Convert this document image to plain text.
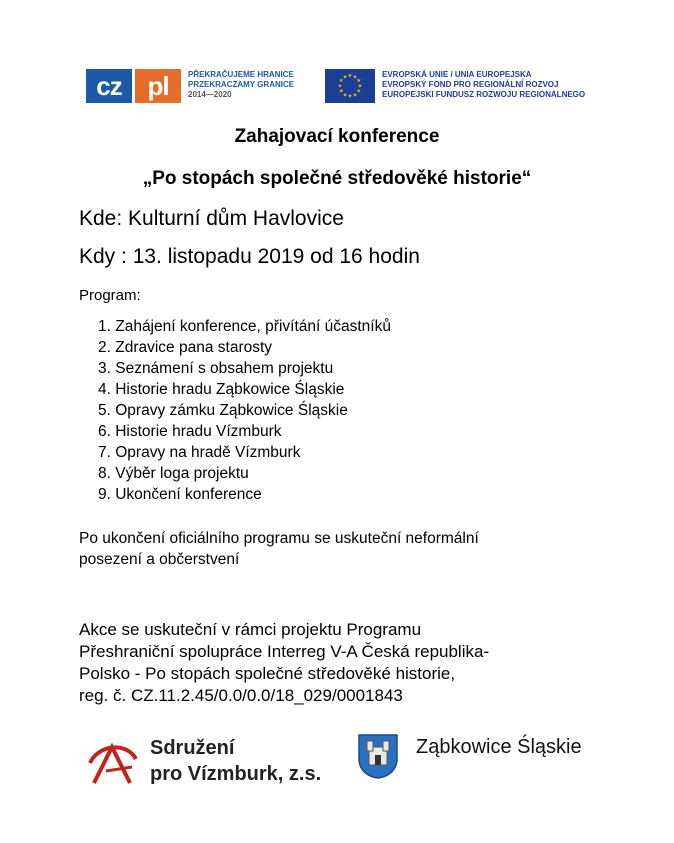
cz pl	PŘEKRAČUJEME HRANICE
PRZEKRACZAMY GRANICE
2014—2020
★ ★
★
★
★
★
★
★
★
★
★
★	EVROPSKÁ UNIE / UNIA EUROPEJSKA
EVROPSKÝ FOND PRO REGIONÁLNÍ ROZVOJ
EUROPEJSKI FUNDUSZ ROZWOJU REGIONALNEGO
Zahajovací konference
„Po stopách společné středověké historie“
Kde: Kulturní dům Havlovice
Kdy : 13. listopadu 2019 od 16 hodin
Program:
1. Zahájení konference, přivítání účastníků
2. Zdravice pana starosty
3. Seznámení s obsahem projektu
4. Historie hradu Ząbkowice Śląskie
5. Opravy zámku Ząbkowice Śląskie
6. Historie hradu Vízmburk
7. Opravy na hradě Vízmburk
8. Výběr loga projektu
9. Ukončení konference
Po ukončení oficiálního programu se uskuteční neformální
posezení a občerstvení
Akce se uskuteční v rámci projektu Programu
Přeshraniční spolupráce Interreg V-A Česká republika-
Polsko - Po stopách společné středověké historie,
reg. č. CZ.11.2.45/0.0/0.0/18_029/0001843
Sdružení
pro Vízmburk, z.s.
Ząbkowice Śląskie
